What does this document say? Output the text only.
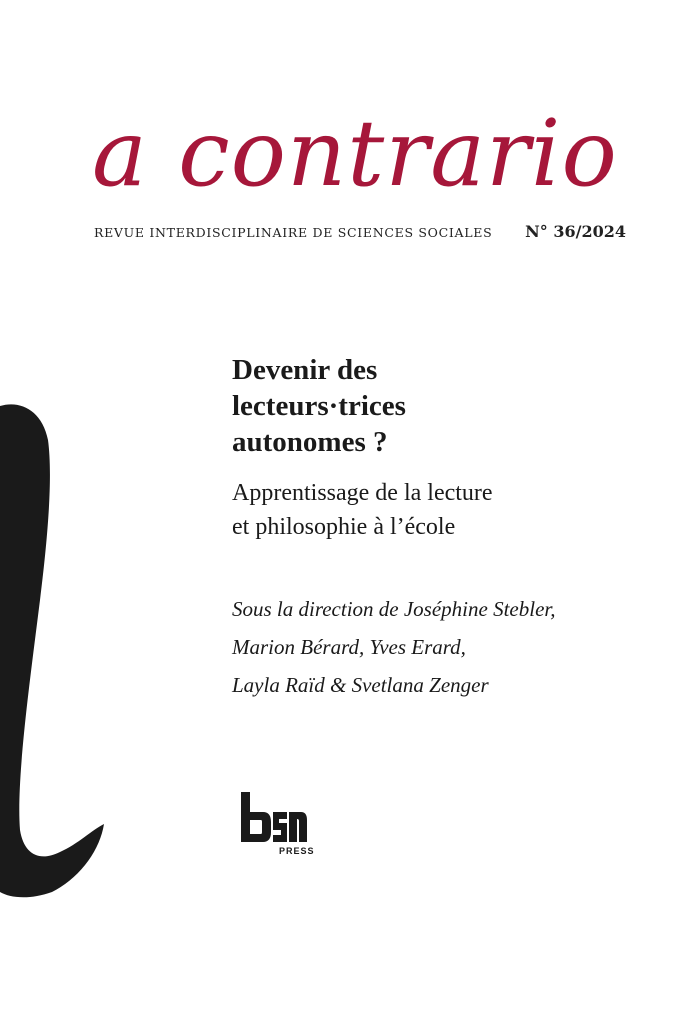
a contrario
REVUE INTERDISCIPLINAIRE DE SCIENCES SOCIALES N° 36/2024
Devenir des
lecteurs·trices
autonomes ?
Apprentissage de la lecture
et philosophie à l’école
Sous la direction de Joséphine Stebler,
Marion Bérard, Yves Erard,
Layla Raïd & Svetlana Zenger
PRESS
